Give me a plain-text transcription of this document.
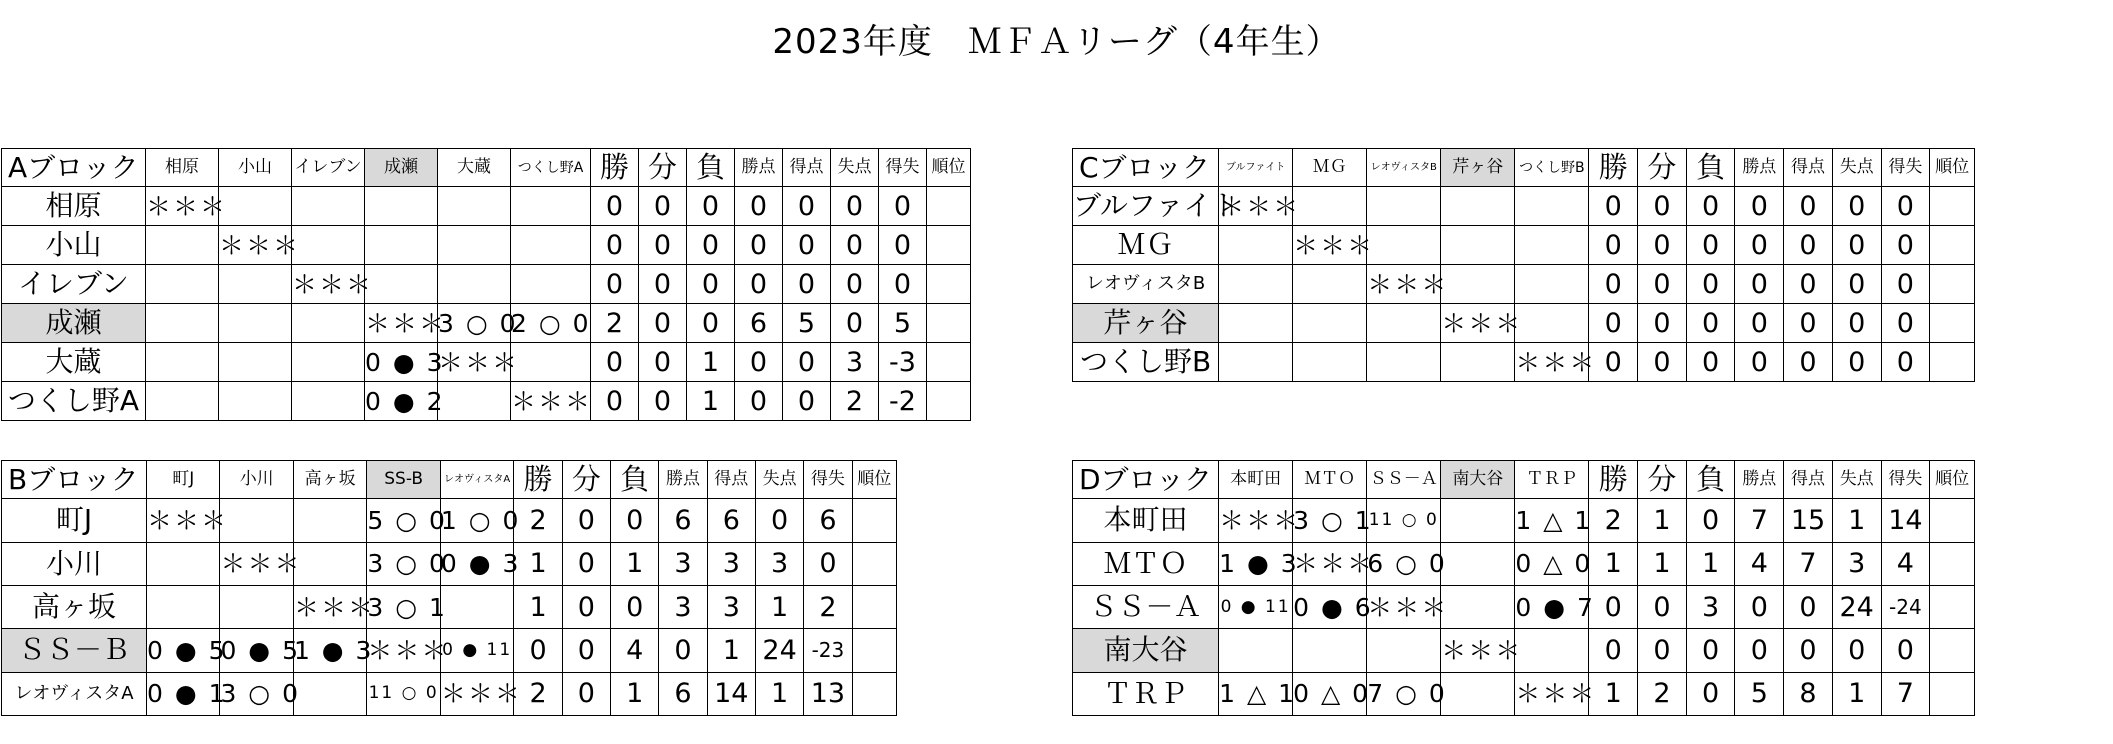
2023年度　ＭＦＡリーグ（4年生）
Aブロック	相原	小山	イレブン	成瀬	大蔵	つくし野A	勝	分	負	勝点	得点	失点	得失	順位
相原	＊＊＊						0	0	0	0	0	0	0	
小山		＊＊＊					0	0	0	0	0	0	0	
イレブン			＊＊＊				0	0	0	0	0	0	0	
成瀬				＊＊＊	3 ○ 0	2 ○ 0	2	0	0	6	5	0	5	
大蔵				0 ● 3	＊＊＊		0	0	1	0	0	3	-3	
つくし野A				0 ● 2		＊＊＊	0	0	1	0	0	2	-2	
Cブロック	ブルファイト	ＭＧ	レオヴィスタB	芹ヶ谷	つくし野B	勝	分	負	勝点	得点	失点	得失	順位
ブルファイト	＊＊＊					0	0	0	0	0	0	0	
ＭＧ		＊＊＊				0	0	0	0	0	0	0	
レオヴィスタB			＊＊＊			0	0	0	0	0	0	0	
芹ヶ谷				＊＊＊		0	0	0	0	0	0	0	
つくし野B					＊＊＊	0	0	0	0	0	0	0	
Bブロック	町J	小川	高ヶ坂	SS-B	レオヴィスタA	勝	分	負	勝点	得点	失点	得失	順位
町J	＊＊＊			5 ○ 0	1 ○ 0	2	0	0	6	6	0	6	
小川		＊＊＊		3 ○ 0	0 ● 3	1	0	1	3	3	3	0	
高ヶ坂			＊＊＊	3 ○ 1		1	0	0	3	3	1	2	
ＳＳ－Ｂ	0 ● 5	0 ● 5	1 ● 3	＊＊＊	0 ● 11	0	0	4	0	1	24	-23	
レオヴィスタA	0 ● 1	3 ○ 0		11 ○ 0	＊＊＊	2	0	1	6	14	1	13	
Dブロック	本町田	ＭＴＯ	ＳＳ－Ａ	南大谷	ＴＲＰ	勝	分	負	勝点	得点	失点	得失	順位
本町田	＊＊＊	3 ○ 1	11 ○ 0		1 △ 1	2	1	0	7	15	1	14	
ＭＴＯ	1 ● 3	＊＊＊	6 ○ 0		0 △ 0	1	1	1	4	7	3	4	
ＳＳ－Ａ	0 ● 11	0 ● 6	＊＊＊		0 ● 7	0	0	3	0	0	24	-24	
南大谷				＊＊＊		0	0	0	0	0	0	0	
ＴＲＰ	1 △ 1	0 △ 0	7 ○ 0		＊＊＊	1	2	0	5	8	1	7	
